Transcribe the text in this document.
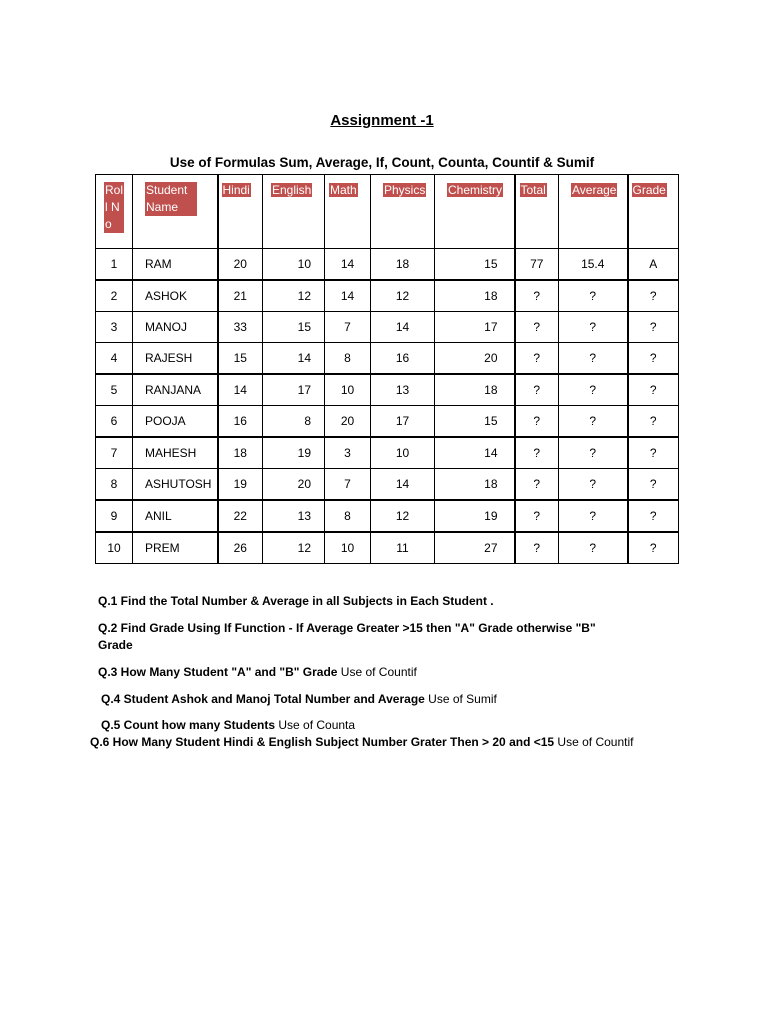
Assignment -1
Use of Formulas Sum, Average, If, Count, Counta, Countif & Sumif
Roll No	Student Name	Hindi	English	Math	Physics	Chemistry	Total	Average	Grade
1	RAM	20	10	14	18	15	77	15.4	A
2	ASHOK	21	12	14	12	18	?	?	?
3	MANOJ	33	15	7	14	17	?	?	?
4	RAJESH	15	14	8	16	20	?	?	?
5	RANJANA	14	17	10	13	18	?	?	?
6	POOJA	16	8	20	17	15	?	?	?
7	MAHESH	18	19	3	10	14	?	?	?
8	ASHUTOSH	19	20	7	14	18	?	?	?
9	ANIL	22	13	8	12	19	?	?	?
10	PREM	26	12	10	11	27	?	?	?
Q.1 Find the Total Number & Average in all Subjects in Each Student .
Q.2 Find Grade Using If Function - If Average Greater >15 then "A" Grade otherwise "B" Grade
Q.3 How Many Student "A" and "B" Grade Use of Countif
Q.4 Student Ashok and Manoj Total Number and Average Use of Sumif
Q.5 Count how many Students Use of Counta
Q.6 How Many Student Hindi & English Subject Number Grater Then > 20 and <15 Use of Countif
